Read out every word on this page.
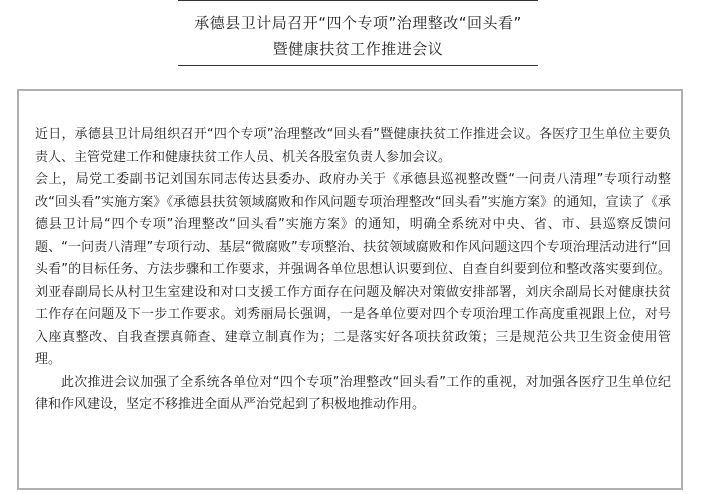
承德县卫计局召开“四个专项”治理整改“回头看”
暨健康扶贫工作推进会议

近日，承德县卫计局组织召开“四个专项”治理整改“回头看”暨健康扶贫工作推进会议。各医疗卫生单位主要负责人、主管党建工作和健康扶贫工作人员、机关各股室负责人参加会议。

会上，局党工委副书记刘国东同志传达县委办、政府办关于《承德县巡视整改暨“一问责八清理”专项行动整改“回头看”实施方案》《承德县扶贫领域腐败和作风问题专项治理整改“回头看”实施方案》的通知，宣读了《承德县卫计局“四个专项”治理整改“回头看”实施方案》的通知，明确全系统对中央、省、市、县巡察反馈问题、“一问责八清理”专项行动、基层“微腐败”专项整治、扶贫领域腐败和作风问题这四个专项治理活动进行“回头看”的目标任务、方法步骤和工作要求，并强调各单位思想认识要到位、自查自纠要到位和整改落实要到位。刘亚春副局长从村卫生室建设和对口支援工作方面存在问题及解决对策做安排部署，刘庆余副局长对健康扶贫工作存在问题及下一步工作要求。刘秀丽局长强调，一是各单位要对四个专项治理工作高度重视跟上位，对号入座真整改、自我查摆真筛查、建章立制真作为；二是落实好各项扶贫政策；三是规范公共卫生资金使用管理。

此次推进会议加强了全系统各单位对“四个专项”治理整改“回头看”工作的重视，对加强各医疗卫生单位纪律和作风建设，坚定不移推进全面从严治党起到了积极地推动作用。
